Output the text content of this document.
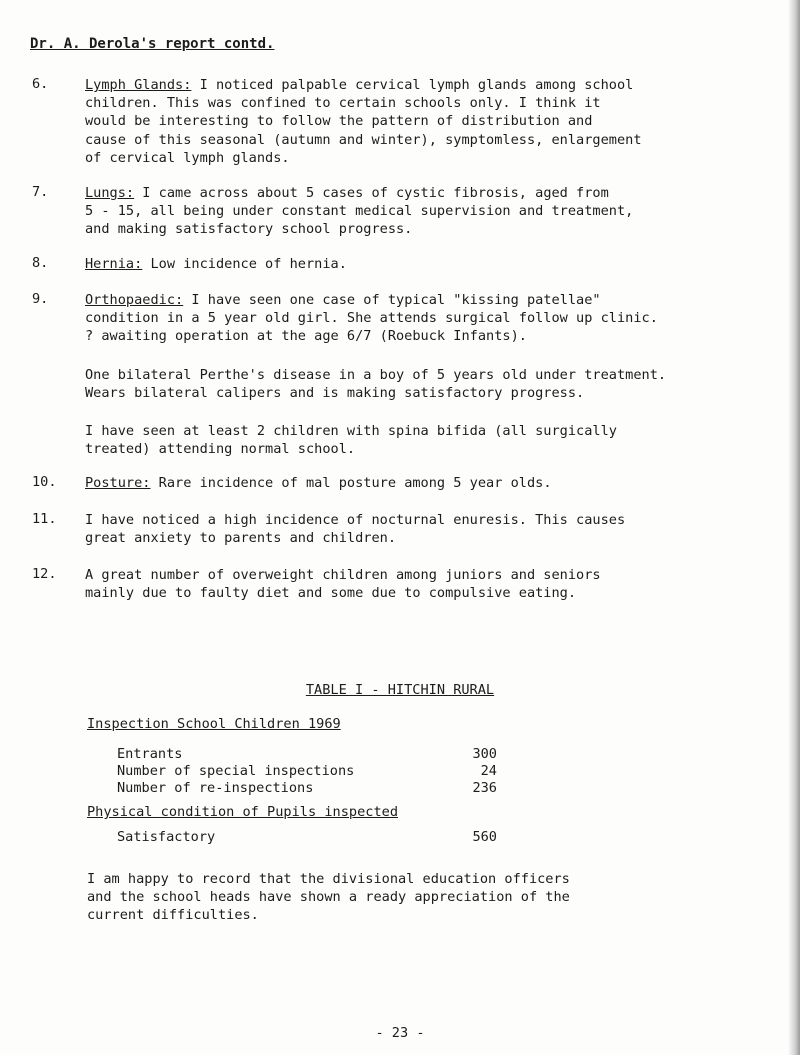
Dr. A. Derola's report contd.
6.	Lymph Glands: I noticed palpable cervical lymph glands among school
children. This was confined to certain schools only. I think it
would be interesting to follow the pattern of distribution and
cause of this seasonal (autumn and winter), symptomless, enlargement
of cervical lymph glands.
7.	Lungs: I came across about 5 cases of cystic fibrosis, aged from
5 - 15, all being under constant medical supervision and treatment,
and making satisfactory school progress.
8.	Hernia: Low incidence of hernia.
9.	Orthopaedic: I have seen one case of typical "kissing patellae"
condition in a 5 year old girl. She attends surgical follow up clinic.
? awaiting operation at the age 6/7 (Roebuck Infants).
One bilateral Perthe's disease in a boy of 5 years old under treatment.
Wears bilateral calipers and is making satisfactory progress.
I have seen at least 2 children with spina bifida (all surgically
treated) attending normal school.
10.	Posture: Rare incidence of mal posture among 5 year olds.
11.	I have noticed a high incidence of nocturnal enuresis. This causes
great anxiety to parents and children.
12.	A great number of overweight children among juniors and seniors
mainly due to faulty diet and some due to compulsive eating.
TABLE I - HITCHIN RURAL
Inspection School Children 1969
Entrants	300
Number of special inspections	24
Number of re-inspections	236
Physical condition of Pupils inspected
Satisfactory	560
I am happy to record that the divisional education officers
and the school heads have shown a ready appreciation of the
current difficulties.
- 23 -
